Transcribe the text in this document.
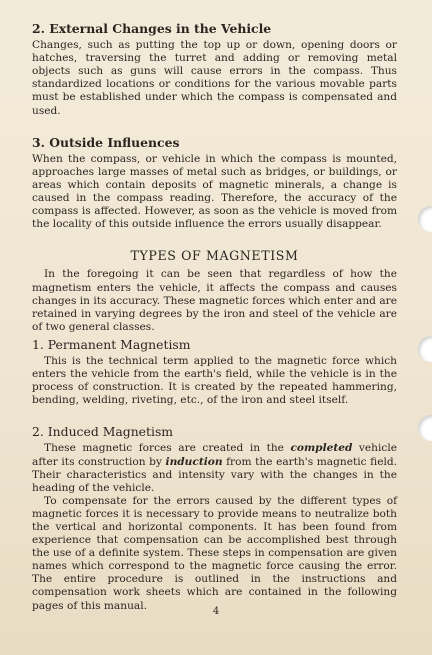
2. External Changes in the Vehicle

Changes, such as putting the top up or down, opening doors or hatches, traversing the turret and adding or removing metal objects such as guns will cause errors in the compass. Thus standardized locations or conditions for the various movable parts must be established under which the compass is compensated and used.

3. Outside Influences

When the compass, or vehicle in which the compass is mounted, approaches large masses of metal such as bridges, or buildings, or areas which contain deposits of magnetic minerals, a change is caused in the compass reading. Therefore, the accuracy of the compass is affected. However, as soon as the vehicle is moved from the locality of this outside influence the errors usually disappear.

TYPES OF MAGNETISM

In the foregoing it can be seen that regardless of how the magnetism enters the vehicle, it affects the compass and causes changes in its accuracy. These magnetic forces which enter and are retained in varying degrees by the iron and steel of the vehicle are of two general classes.

1. Permanent Magnetism

This is the technical term applied to the magnetic force which enters the vehicle from the earth's field, while the vehicle is in the process of construction. It is created by the repeated hammering, bending, welding, riveting, etc., of the iron and steel itself.

2. Induced Magnetism

These magnetic forces are created in the completed vehicle after its construction by induction from the earth's magnetic field. Their characteristics and intensity vary with the changes in the heading of the vehicle.

To compensate for the errors caused by the different types of magnetic forces it is necessary to provide means to neutralize both the vertical and horizontal components. It has been found from experience that compensation can be accomplished best through the use of a definite system. These steps in compensation are given names which correspond to the magnetic force causing the error. The entire procedure is outlined in the instructions and compensation work sheets which are contained in the following pages of this manual.	4
